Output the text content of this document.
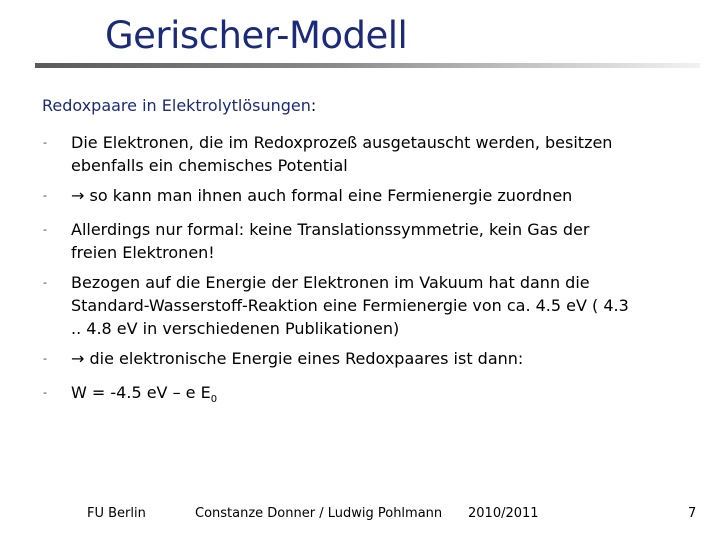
Gerischer-Modell
Redoxpaare in Elektrolytlösungen:
- Die Elektronen, die im Redoxprozeß ausgetauscht werden, besitzen ebenfalls ein chemisches Potential
- → so kann man ihnen auch formal eine Fermienergie zuordnen
- Allerdings nur formal: keine Translationssymmetrie, kein Gas der freien Elektronen!
- Bezogen auf die Energie der Elektronen im Vakuum hat dann die Standard-Wasserstoff-Reaktion eine Fermienergie von ca. 4.5 eV ( 4.3 .. 4.8 eV in verschiedenen Publikationen)
- → die elektronische Energie eines Redoxpaares ist dann:
- W = -4.5 eV – e $E_0$
FU Berlin	Constanze Donner / Ludwig Pohlmann 2010/2011	7
